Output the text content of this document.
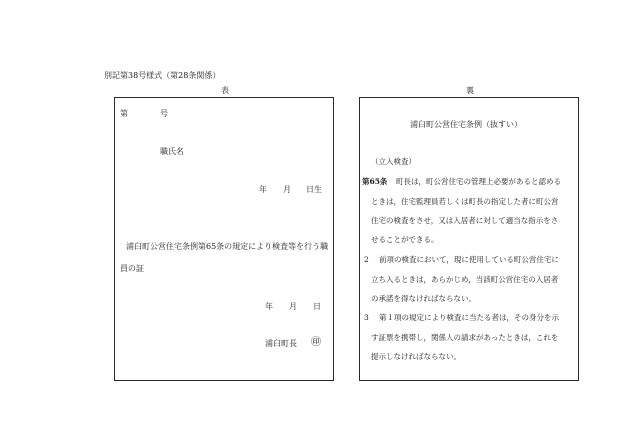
別記第38号様式（第28条関係）
表	裏
第	号
職氏名
年 月 日生
浦臼町公営住宅条例第65条の規定により検査等を行う職
員の証
年 月 日
浦臼町長 ㊞
浦臼町公営住宅条例（抜すい）
（立入検査）
第65条 町長は，町公営住宅の管理上必要があると認める
ときは，住宅監理員若しくは町長の指定した者に町公営
住宅の検査をさせ，又は入居者に対して適当な指示をさ
せることができる。
2 前項の検査において，現に使用している町公営住宅に
立ち入るときは，あらかじめ，当該町公営住宅の入居者
の承諾を得なければならない。
3 第１項の規定により検査に当たる者は，その身分を示
す証票を携帯し，関係人の請求があったときは，これを
提示しなければならない。
